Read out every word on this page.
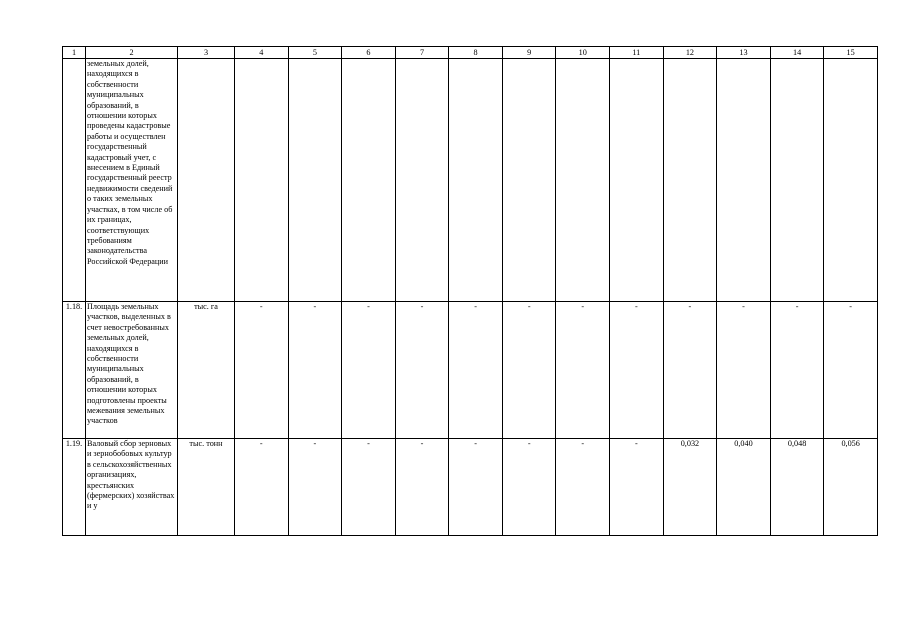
1	2	3	4	5	6	7	8	9	10	11	12	13	14	15
	земельных долей, находящихся в собственности муниципальных образований, в отношении которых проведены кадастровые работы и осуществлен государственный кадастровый учет, с внесением в Единый государственный реестр недвижимости сведений о таких земельных участках, в том числе об их границах, соответствующих требованиям законодательства Российской Федерации													
1.18.	Площадь земельных участков, выделенных в счет невостребованных земельных долей, находящихся в собственности муниципальных образований, в отношении которых подготовлены проекты межевания земельных участков	тыс. га	-	-	-	-	-	-	-	-	-	-	-	-
1.19.	Валовый сбор зерновых и зернобобовых культур в сельскохозяйственных организациях, крестьянских (фермерских) хозяйствах и у	тыс. тонн	-	-	-	-	-	-	-	-	0,032	0,040	0,048	0,056
